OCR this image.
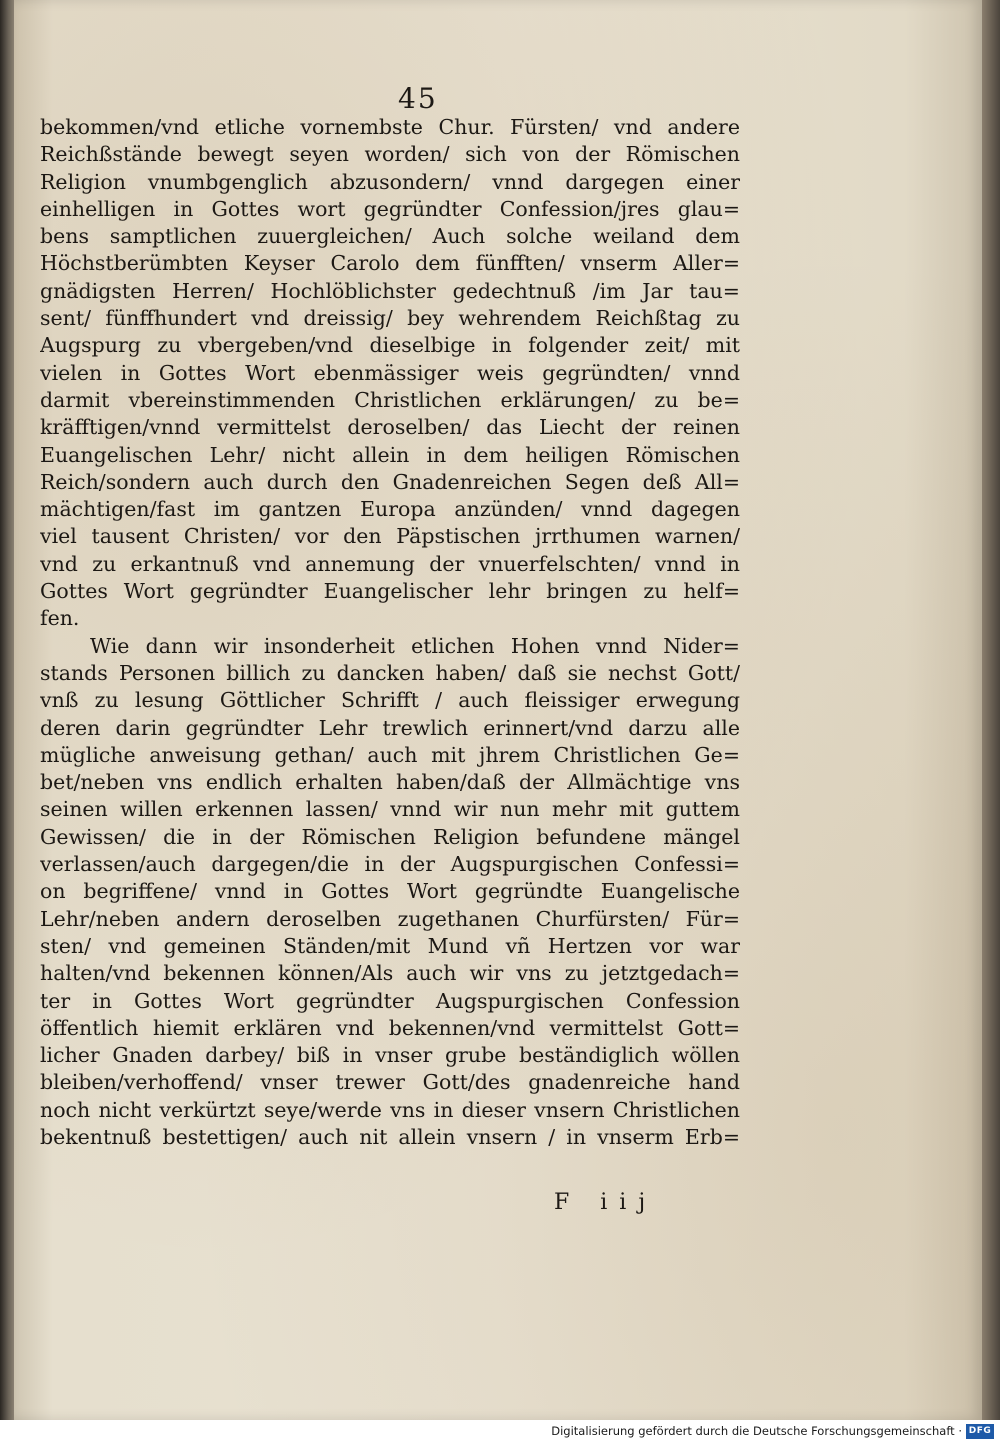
45
bekommen/vnd etliche vornembste Chur. Fürsten/ vnd andere
Reichßstände bewegt seyen worden/ sich von der Römischen
Religion vnumbgenglich abzusondern/ vnnd dargegen einer
einhelligen in Gottes wort gegründter Confession/jres glau=
bens samptlichen zuuergleichen/ Auch solche weiland dem
Höchstberümbten Keyser Carolo dem fünfften/ vnserm Aller=
gnädigsten Herren/ Hochlöblichster gedechtnuß /im Jar tau=
sent/ fünffhundert vnd dreissig/ bey wehrendem Reichßtag zu
Augspurg zu vbergeben/vnd dieselbige in folgender zeit/ mit
vielen in Gottes Wort ebenmässiger weis gegründten/ vnnd
darmit vbereinstimmenden Christlichen erklärungen/ zu be=
kräfftigen/vnnd vermittelst deroselben/ das Liecht der reinen
Euangelischen Lehr/ nicht allein in dem heiligen Römischen
Reich/sondern auch durch den Gnadenreichen Segen deß All=
mächtigen/fast im gantzen Europa anzünden/ vnnd dagegen
viel tausent Christen/ vor den Päpstischen jrrthumen warnen/
vnd zu erkantnuß vnd annemung der vnuerfelschten/ vnnd in
Gottes Wort gegründter Euangelischer lehr bringen zu helf=
fen.
Wie dann wir insonderheit etlichen Hohen vnnd Nider=
stands Personen billich zu dancken haben/ daß sie nechst Gott/
vnß zu lesung Göttlicher Schrifft / auch fleissiger erwegung
deren darin gegründter Lehr trewlich erinnert/vnd darzu alle
mügliche anweisung gethan/ auch mit jhrem Christlichen Ge=
bet/neben vns endlich erhalten haben/daß der Allmächtige vns
seinen willen erkennen lassen/ vnnd wir nun mehr mit guttem
Gewissen/ die in der Römischen Religion befundene mängel
verlassen/auch dargegen/die in der Augspurgischen Confessi=
on begriffene/ vnnd in Gottes Wort gegründte Euangelische
Lehr/neben andern deroselben zugethanen Churfürsten/ Für=
sten/ vnd gemeinen Ständen/mit Mund vñ Hertzen vor war
halten/vnd bekennen können/Als auch wir vns zu jetztgedach=
ter in Gottes Wort gegründter Augspurgischen Confession
öffentlich hiemit erklären vnd bekennen/vnd vermittelst Gott=
licher Gnaden darbey/ biß in vnser grube beständiglich wöllen
bleiben/verhoffend/ vnser trewer Gott/des gnadenreiche hand
noch nicht verkürtzt seye/werde vns in dieser vnsern Christlichen
bekentnuß bestettigen/ auch nit allein vnsern / in vnserm Erb=
F iij
Digitalisierung gefördert durch die Deutsche Forschungsgemeinschaft · DFG
